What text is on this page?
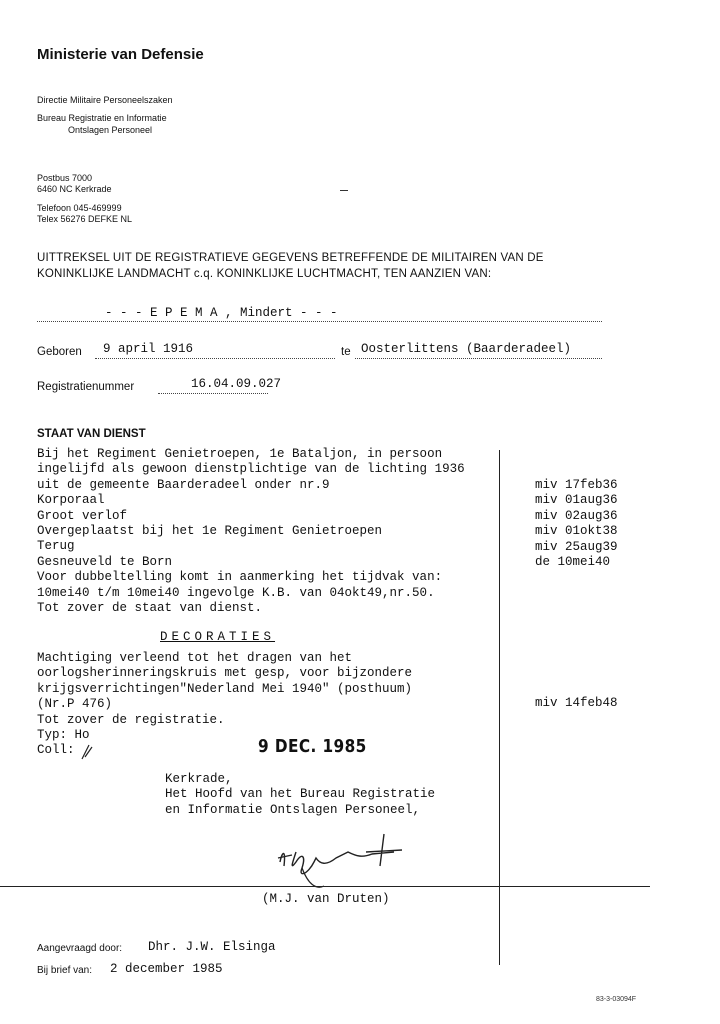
Ministerie van Defensie
Directie Militaire Personeelszaken
Bureau Registratie en Informatie
Ontslagen Personeel
Postbus 7000
6460 NC Kerkrade
Telefoon 045-469999
Telex 56276 DEFKE NL
UITTREKSEL UIT DE REGISTRATIEVE GEGEVENS BETREFFENDE DE MILITAIREN VAN DE
KONINKLIJKE LANDMACHT c.q. KONINKLIJKE LUCHTMACHT, TEN AANZIEN VAN:
- - - E P E M A , Mindert - - -
Geboren 9 april 1916	te Oosterlittens (Baarderadeel)
Registratienummer	16.04.09.027
STAAT VAN DIENST
Bij het Regiment Genietroepen, 1e Bataljon, in persoon
ingelijfd als gewoon dienstplichtige van de lichting 1936
uit de gemeente Baarderadeel onder nr.9
Korporaal
Groot verlof
Overgeplaatst bij het 1e Regiment Genietroepen
Terug
Gesneuveld te Born
Voor dubbeltelling komt in aanmerking het tijdvak van:
10mei40 t/m 10mei40 ingevolge K.B. van 04okt49,nr.50.
Tot zover de staat van dienst.
miv 17feb36
miv 01aug36
miv 02aug36
miv 01okt38
miv 25aug39
de 10mei40
DECORATIES
Machtiging verleend tot het dragen van het
oorlogsherinneringskruis met gesp, voor bijzondere
krijgsverrichtingen"Nederland Mei 1940" (posthuum)
(Nr.P 476)
Tot zover de registratie.
Typ: Ho
Coll:
miv 14feb48
9 DEC. 1985
Kerkrade,
Het Hoofd van het Bureau Registratie
en Informatie Ontslagen Personeel,
(M.J. van Druten)
Aangevraagd door: Dhr. J.W. Elsinga
Bij brief van: 2 december 1985
83-3-03094F
